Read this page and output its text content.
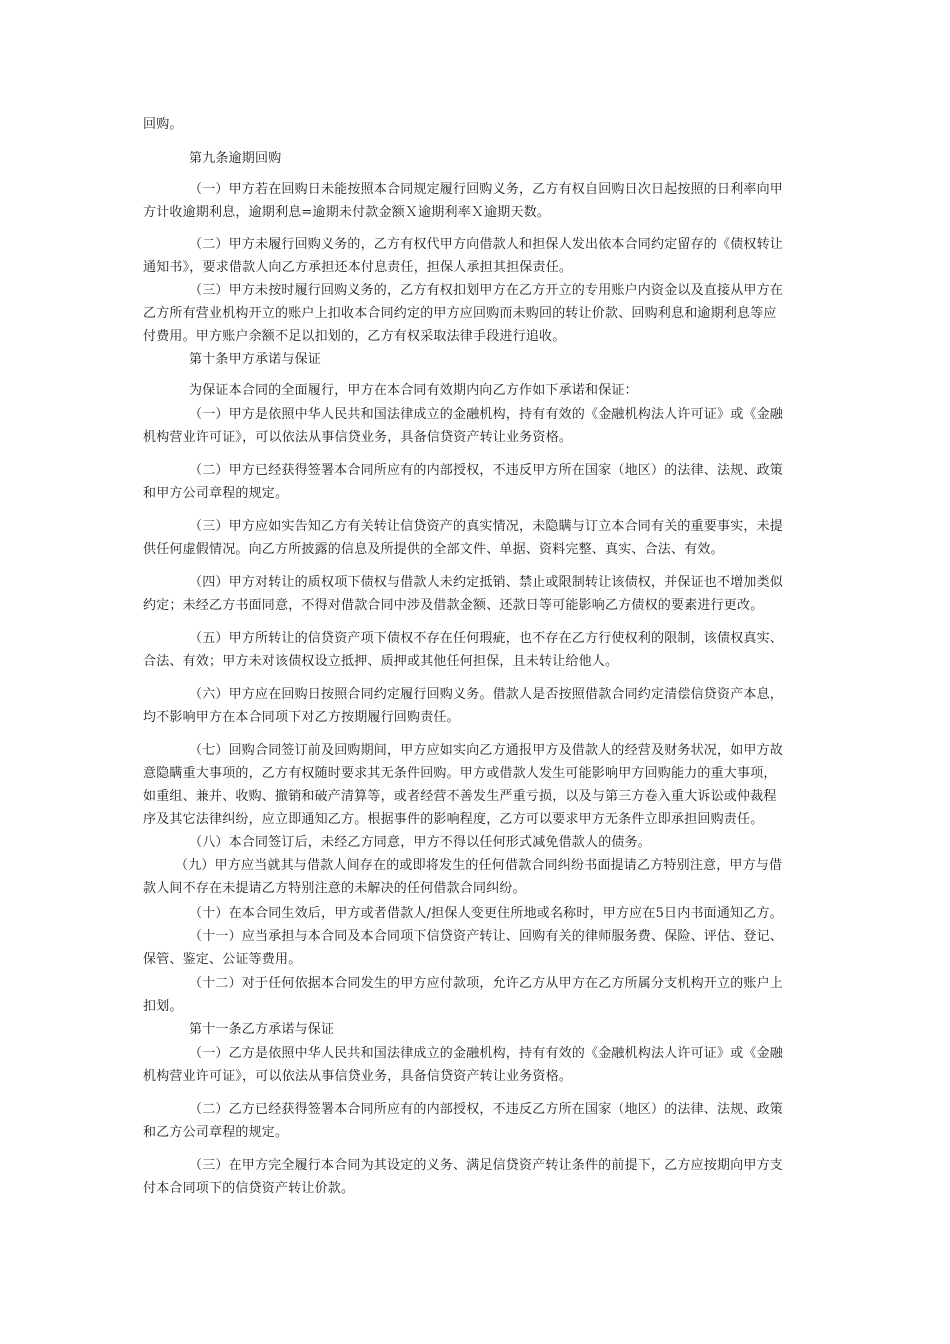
回购。
第九条逾期回购
（一）甲方若在回购日未能按照本合同规定履行回购义务，乙方有权自回购日次日起按照的日利率向甲
方计收逾期利息，逾期利息=逾期未付款金额Ｘ逾期利率Ｘ逾期天数。
（二）甲方未履行回购义务的，乙方有权代甲方向借款人和担保人发出依本合同约定留存的《债权转让
通知书》，要求借款人向乙方承担还本付息责任，担保人承担其担保责任。
（三）甲方未按时履行回购义务的，乙方有权扣划甲方在乙方开立的专用账户内资金以及直接从甲方在
乙方所有营业机构开立的账户上扣收本合同约定的甲方应回购而未购回的转让价款、回购利息和逾期利息等应
付费用。甲方账户余额不足以扣划的，乙方有权采取法律手段进行追收。
第十条甲方承诺与保证
为保证本合同的全面履行，甲方在本合同有效期内向乙方作如下承诺和保证：
（一）甲方是依照中华人民共和国法律成立的金融机构，持有有效的《金融机构法人许可证》或《金融
机构营业许可证》，可以依法从事信贷业务，具备信贷资产转让业务资格。
（二）甲方已经获得签署本合同所应有的内部授权，不违反甲方所在国家（地区）的法律、法规、政策
和甲方公司章程的规定。
（三）甲方应如实告知乙方有关转让信贷资产的真实情况，未隐瞒与订立本合同有关的重要事实，未提
供任何虚假情况。向乙方所披露的信息及所提供的全部文件、单据、资料完整、真实、合法、有效。
（四）甲方对转让的质权项下债权与借款人未约定抵销、禁止或限制转让该债权，并保证也不增加类似
约定；未经乙方书面同意，不得对借款合同中涉及借款金额、还款日等可能影响乙方债权的要素进行更改。
（五）甲方所转让的信贷资产项下债权不存在任何瑕疵，也不存在乙方行使权利的限制，该债权真实、
合法、有效；甲方未对该债权设立抵押、质押或其他任何担保，且未转让给他人。
（六）甲方应在回购日按照合同约定履行回购义务。借款人是否按照借款合同约定清偿信贷资产本息，
均不影响甲方在本合同项下对乙方按期履行回购责任。
（七）回购合同签订前及回购期间，甲方应如实向乙方通报甲方及借款人的经营及财务状况，如甲方故
意隐瞒重大事项的，乙方有权随时要求其无条件回购。甲方或借款人发生可能影响甲方回购能力的重大事项，
如重组、兼并、收购、撤销和破产清算等，或者经营不善发生严重亏损，以及与第三方卷入重大诉讼或仲裁程
序及其它法律纠纷，应立即通知乙方。根据事件的影响程度，乙方可以要求甲方无条件立即承担回购责任。
（八）本合同签订后，未经乙方同意，甲方不得以任何形式减免借款人的债务。
（九）甲方应当就其与借款人间存在的或即将发生的任何借款合同纠纷书面提请乙方特别注意，甲方与借
款人间不存在未提请乙方特别注意的未解决的任何借款合同纠纷。
（十）在本合同生效后，甲方或者借款人/担保人变更住所地或名称时，甲方应在5日内书面通知乙方。
（十一）应当承担与本合同及本合同项下信贷资产转让、回购有关的律师服务费、保险、评估、登记、
保管、鉴定、公证等费用。
（十二）对于任何依据本合同发生的甲方应付款项，允许乙方从甲方在乙方所属分支机构开立的账户上
扣划。
第十一条乙方承诺与保证
（一）乙方是依照中华人民共和国法律成立的金融机构，持有有效的《金融机构法人许可证》或《金融
机构营业许可证》，可以依法从事信贷业务，具备信贷资产转让业务资格。
（二）乙方已经获得签署本合同所应有的内部授权，不违反乙方所在国家（地区）的法律、法规、政策
和乙方公司章程的规定。
（三）在甲方完全履行本合同为其设定的义务、满足信贷资产转让条件的前提下，乙方应按期向甲方支
付本合同项下的信贷资产转让价款。
